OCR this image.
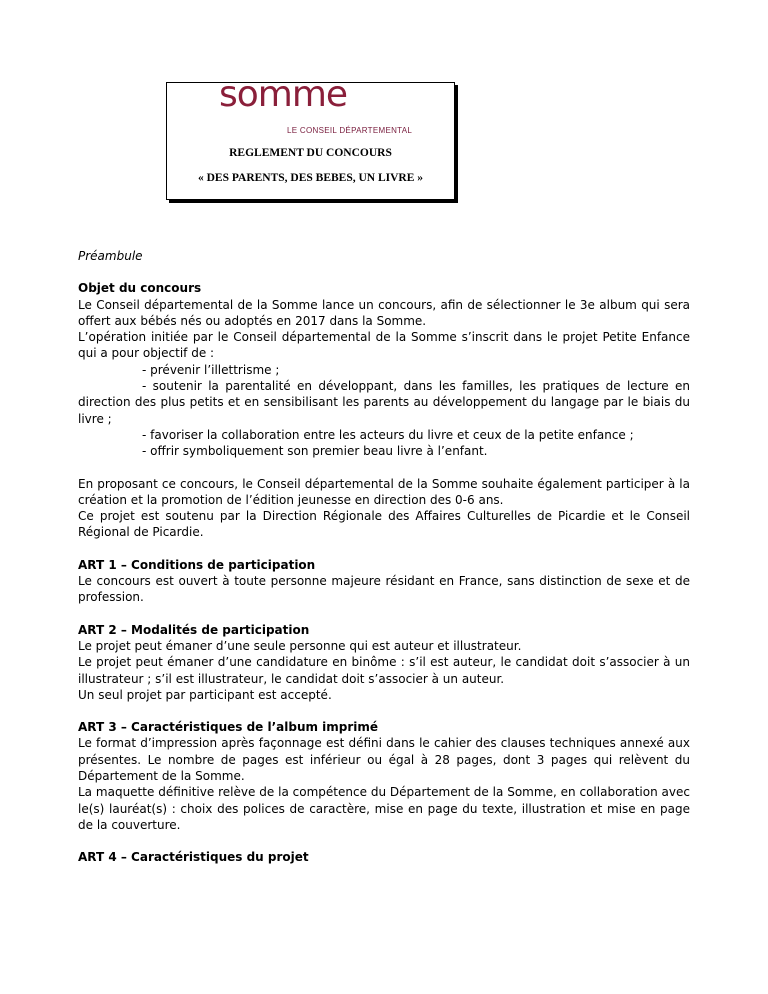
somme
LE CONSEIL DÉPARTEMENTAL
REGLEMENT DU CONCOURS
« DES PARENTS, DES BEBES, UN LIVRE »

Préambule

Objet du concours

Le Conseil départemental de la Somme lance un concours, afin de sélectionner le 3e album qui sera offert aux bébés nés ou adoptés en 2017 dans la Somme.

L’opération initiée par le Conseil départemental de la Somme s’inscrit dans le projet Petite Enfance qui a pour objectif de :

- prévenir l’illettrisme ;

- soutenir la parentalité en développant, dans les familles, les pratiques de lecture en direction des plus petits et en sensibilisant les parents au développement du langage par le biais du livre ;

- favoriser la collaboration entre les acteurs du livre et ceux de la petite enfance ;

- offrir symboliquement son premier beau livre à l’enfant.

En proposant ce concours, le Conseil départemental de la Somme souhaite également participer à la création et la promotion de l’édition jeunesse en direction des 0-6 ans.

Ce projet est soutenu par la Direction Régionale des Affaires Culturelles de Picardie et le Conseil Régional de Picardie.

ART 1 – Conditions de participation

Le concours est ouvert à toute personne majeure résidant en France, sans distinction de sexe et de profession.

ART 2 – Modalités de participation

Le projet peut émaner d’une seule personne qui est auteur et illustrateur.

Le projet peut émaner d’une candidature en binôme : s’il est auteur, le candidat doit s’associer à un illustrateur ; s’il est illustrateur, le candidat doit s’associer à un auteur.

Un seul projet par participant est accepté.

ART 3 – Caractéristiques de l’album imprimé

Le format d’impression après façonnage est défini dans le cahier des clauses techniques annexé aux présentes. Le nombre de pages est inférieur ou égal à 28 pages, dont 3 pages qui relèvent du Département de la Somme.

La maquette définitive relève de la compétence du Département de la Somme, en collaboration avec le(s) lauréat(s) : choix des polices de caractère, mise en page du texte, illustration et mise en page de la couverture.

ART 4 – Caractéristiques du projet
